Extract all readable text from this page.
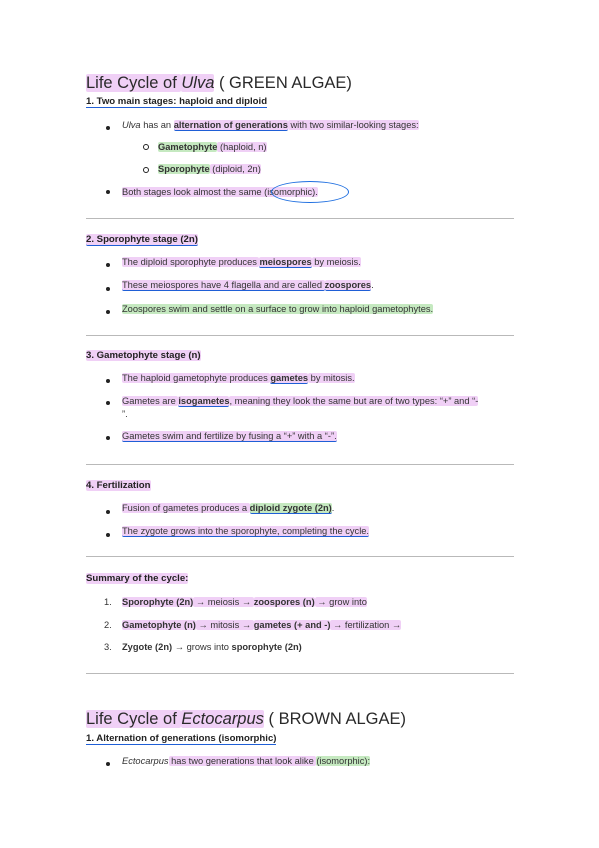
Life Cycle of Ulva ( GREEN ALGAE)
1. Two main stages: haploid and diploid
Ulva has an alternation of generations with two similar-looking stages:
Gametophyte (haploid, n)
Sporophyte (diploid, 2n)
Both stages look almost the same (isomorphic).
2. Sporophyte stage (2n)
The diploid sporophyte produces meiospores by meiosis.
These meiospores have 4 flagella and are called zoospores.
Zoospores swim and settle on a surface to grow into haploid gametophytes.
3. Gametophyte stage (n)
The haploid gametophyte produces gametes by mitosis.
Gametes are isogametes, meaning they look the same but are of two types: “+” and “-
”.
Gametes swim and fertilize by fusing a “+” with a “-”.
4. Fertilization
Fusion of gametes produces a diploid zygote (2n).
The zygote grows into the sporophyte, completing the cycle.
Summary of the cycle:
1. Sporophyte (2n) → meiosis → zoospores (n) → grow into
2. Gametophyte (n) → mitosis → gametes (+ and -) → fertilization →
3. Zygote (2n) → grows into sporophyte (2n)
Life Cycle of Ectocarpus ( BROWN ALGAE)
1. Alternation of generations (isomorphic)
Ectocarpus has two generations that look alike (isomorphic):
